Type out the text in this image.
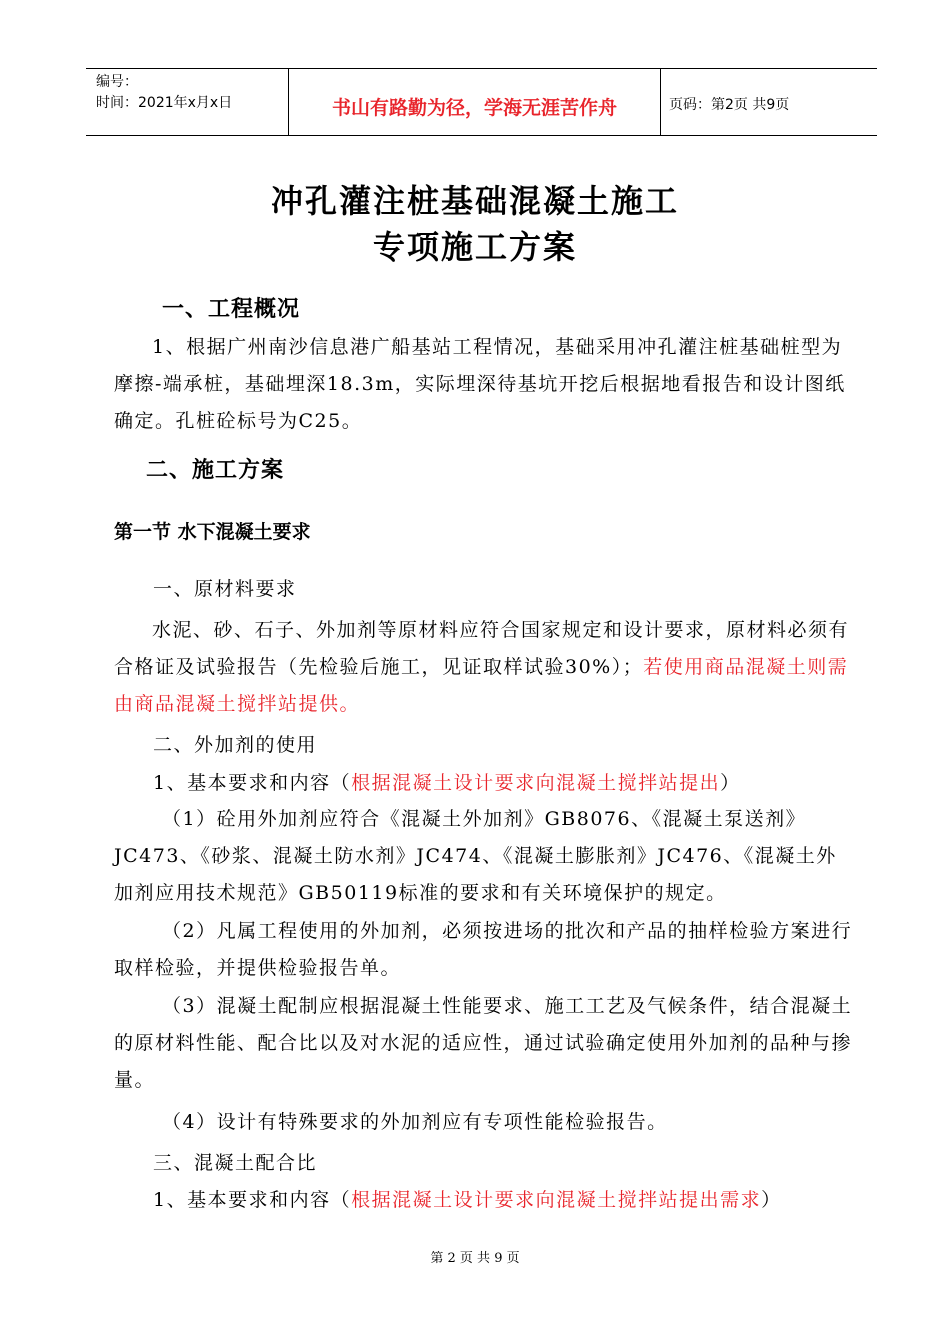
编号：
时间：2021年x月x日	书山有路勤为径，学海无涯苦作舟	页码：第2页 共9页
冲孔灌注桩基础混凝土施工
专项施工方案
一、工程概况
1、根据广州南沙信息港广船基站工程情况，基础采用冲孔灌注桩基础桩型为摩擦-端承桩，基础埋深18.3m，实际埋深待基坑开挖后根据地看报告和设计图纸确定。孔桩砼标号为C25。
二、施工方案
第一节 水下混凝土要求
一、原材料要求
水泥、砂、石子、外加剂等原材料应符合国家规定和设计要求，原材料必须有合格证及试验报告（先检验后施工，见证取样试验30%）；若使用商品混凝土则需由商品混凝土搅拌站提供。
二、外加剂的使用
1、基本要求和内容（根据混凝土设计要求向混凝土搅拌站提出）
（1）砼用外加剂应符合《混凝土外加剂》GB8076、《混凝土泵送剂》JC473、《砂浆、混凝土防水剂》JC474、《混凝土膨胀剂》JC476、《混凝土外加剂应用技术规范》GB50119标准的要求和有关环境保护的规定。
（2）凡属工程使用的外加剂，必须按进场的批次和产品的抽样检验方案进行取样检验，并提供检验报告单。
（3）混凝土配制应根据混凝土性能要求、施工工艺及气候条件，结合混凝土的原材料性能、配合比以及对水泥的适应性，通过试验确定使用外加剂的品种与掺量。
（4）设计有特殊要求的外加剂应有专项性能检验报告。
三、混凝土配合比
1、基本要求和内容（根据混凝土设计要求向混凝土搅拌站提出需求）
第 2 页 共 9 页
